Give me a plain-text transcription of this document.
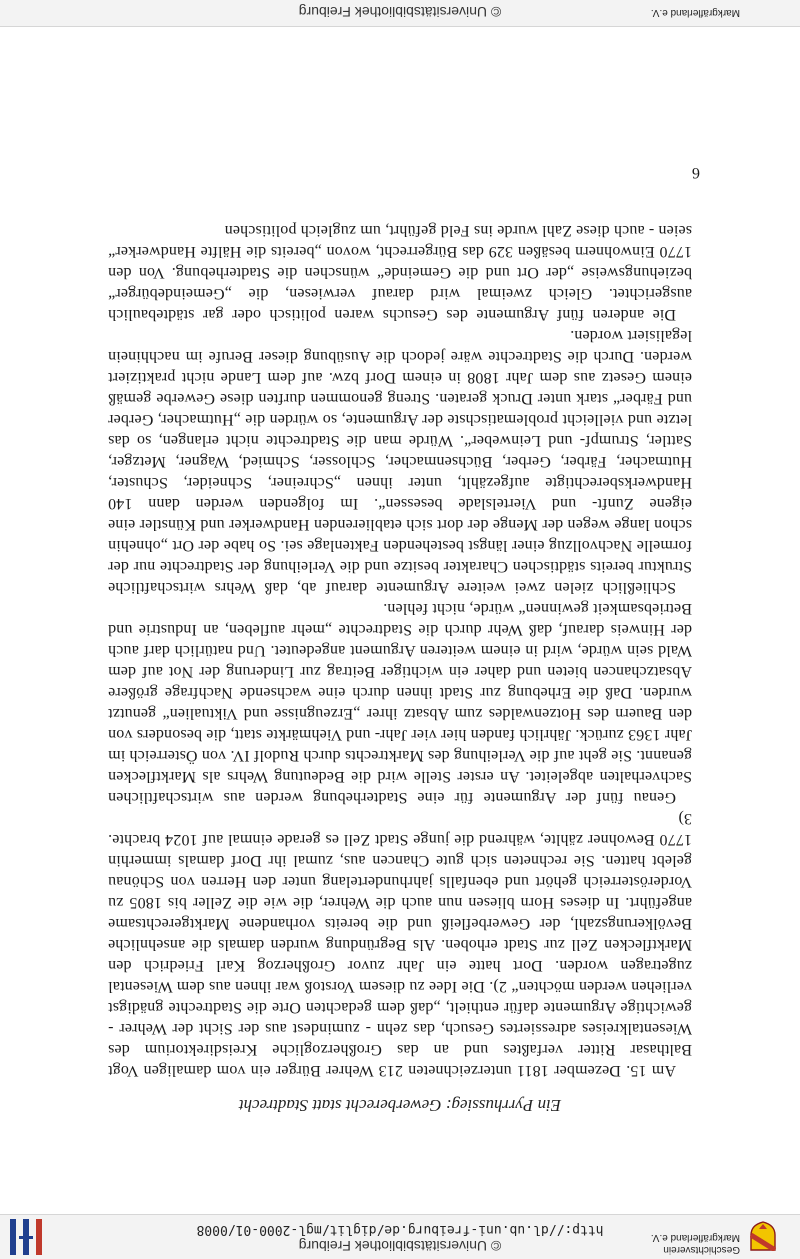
Geschichtsverein Markgräflerland e.V.
© Universitätsbibliothek Freiburg
http://dl.ub.uni-freiburg.de/diglit/mgl-2000-01/0008
Ein Pyrrhussieg: Gewerberecht statt Stadtrecht

Am 15. Dezember 1811 unterzeichneten 213 Wehrer Bürger ein vom damaligen Vogt Balthasar Ritter verfaßtes und an das Großherzogliche Kreisdirektorium des Wiesentalkreises adressiertes Gesuch, das zehn - zumindest aus der Sicht der Wehrer - gewichtige Argumente dafür enthielt, „daß dem gedachten Orte die Stadtrechte gnädigst verliehen werden möchten“ 2). Die Idee zu diesem Vorstoß war ihnen aus dem Wiesental zugetragen worden. Dort hatte ein Jahr zuvor Großherzog Karl Friedrich den Marktflecken Zell zur Stadt erhoben. Als Begründung wurden damals die ansehnliche Bevölkerungszahl, der Gewerbefleiß und die bereits vorhandene Marktgerechtsame angeführt. In dieses Horn bliesen nun auch die Wehrer, die wie die Zeller bis 1805 zu Vorderösterreich gehört und ebenfalls jahrhundertelang unter den Herren von Schönau gelebt hatten. Sie rechneten sich gute Chancen aus, zumal ihr Dorf damals immerhin 1770 Bewohner zählte, während die junge Stadt Zell es gerade einmal auf 1024 brachte. 3)

Genau fünf der Argumente für eine Stadterhebung werden aus wirtschaftlichen Sachverhalten abgeleitet. An erster Stelle wird die Bedeutung Wehrs als Marktflecken genannt. Sie geht auf die Verleihung des Marktrechts durch Rudolf IV. von Österreich im Jahr 1363 zurück. Jährlich fanden hier vier Jahr- und Viehmärkte statt, die besonders von den Bauern des Hotzenwaldes zum Absatz ihrer „Erzeugnisse und Viktualien“ genutzt wurden. Daß die Erhebung zur Stadt ihnen durch eine wachsende Nachfrage größere Absatzchancen bieten und daher ein wichtiger Beitrag zur Linderung der Not auf dem Wald sein würde, wird in einem weiteren Argument angedeutet. Und natürlich darf auch der Hinweis darauf, daß Wehr durch die Stadtrechte „mehr aufleben, an Industrie und Betriebsamkeit gewinnen“ würde, nicht fehlen.

Schließlich zielen zwei weitere Argumente darauf ab, daß Wehrs wirtschaftliche Struktur bereits städtischen Charakter besitze und die Verleihung der Stadtrechte nur der formelle Nachvollzug einer längst bestehenden Faktenlage sei. So habe der Ort „ohnehin schon lange wegen der Menge der dort sich etablierenden Handwerker und Künstler eine eigene Zunft- und Viertelslade besessen“. Im folgenden werden dann 140 Handwerksberechtigte aufgezählt, unter ihnen „Schreiner, Schneider, Schuster, Hutmacher, Färber, Gerber, Büchsenmacher, Schlosser, Schmied, Wagner, Metzger, Sattler, Strumpf- und Leinweber“. Würde man die Stadtrechte nicht erlangen, so das letzte und vielleicht problematischste der Argumente, so würden die „Hutmacher, Gerber und Färber“ stark unter Druck geraten. Streng genommen durften diese Gewerbe gemäß einem Gesetz aus dem Jahr 1808 in einem Dorf bzw. auf dem Lande nicht praktiziert werden. Durch die Stadtrechte wäre jedoch die Ausübung dieser Berufe im nachhinein legalisiert worden.

Die anderen fünf Argumente des Gesuchs waren politisch oder gar städtebaulich ausgerichtet. Gleich zweimal wird darauf verwiesen, die „Gemeindebürger“ beziehungsweise „der Ort und die Gemeinde“ wünschen die Stadterhebung. Von den 1770 Einwohnern besäßen 329 das Bürgerrecht, wovon „bereits die Hälfte Handwerker“ seien - auch diese Zahl wurde ins Feld geführt, um zugleich politischen

6
Markgräflerland e.V.
© Universitätsbibliothek Freiburg
